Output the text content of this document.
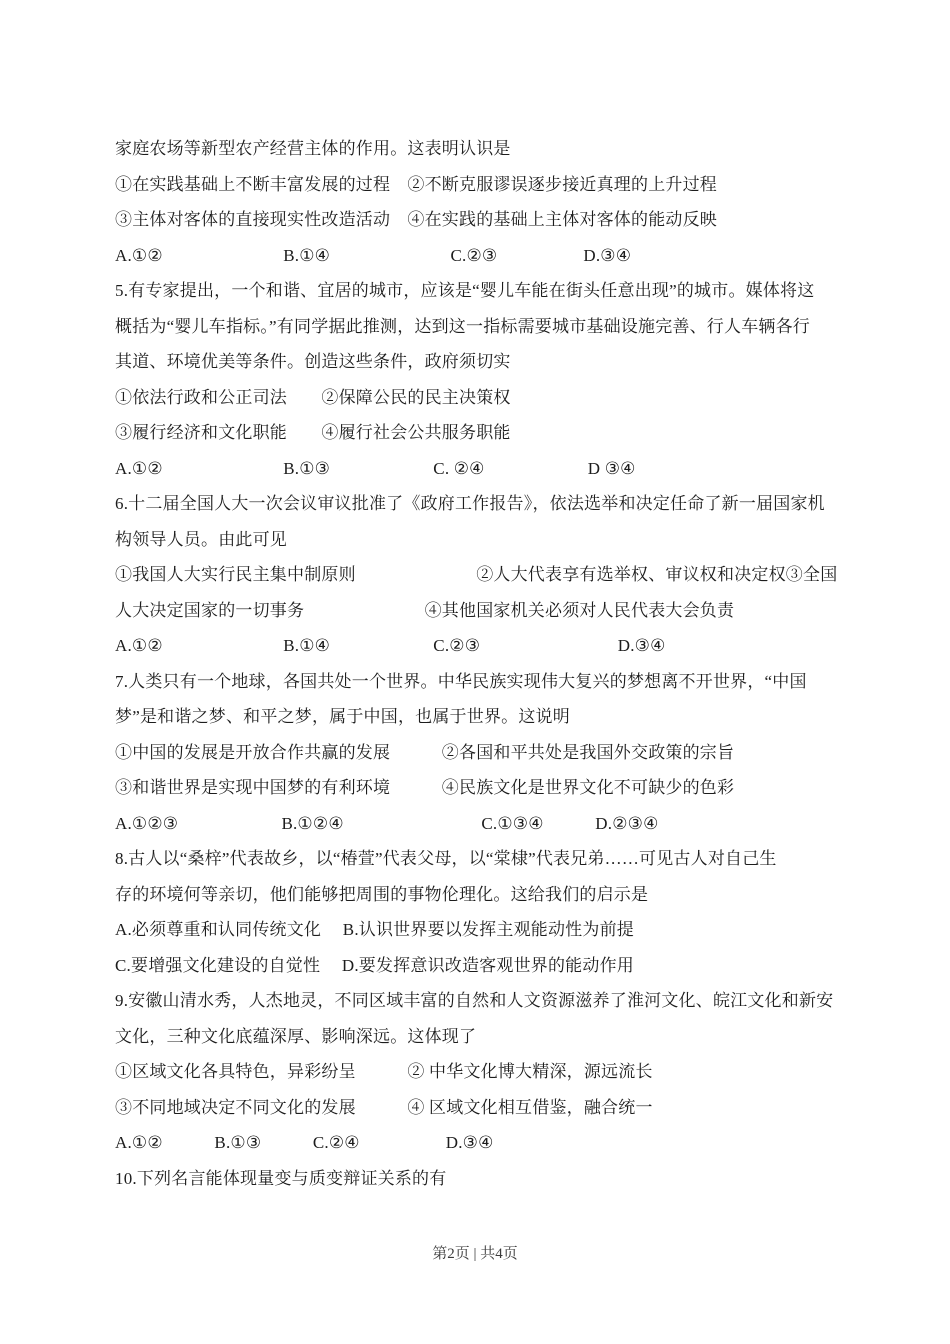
家庭农场等新型农产经营主体的作用。这表明认识是
①在实践基础上不断丰富发展的过程　②不断克服谬误逐步接近真理的上升过程
③主体对客体的直接现实性改造活动　④在实践的基础上主体对客体的能动反映
A.①②　　　　　　　B.①④　　　　　　　C.②③　　　　　D.③④
5.有专家提出，一个和谐、宜居的城市，应该是“婴儿车能在街头任意出现”的城市。媒体将这
概括为“婴儿车指标。”有同学据此推测，达到这一指标需要城市基础设施完善、行人车辆各行
其道、环境优美等条件。创造这些条件，政府须切实
①依法行政和公正司法　　②保障公民的民主决策权
③履行经济和文化职能　　④履行社会公共服务职能
A.①②　　　　　　　B.①③　　　　　　C. ②④　　　　　　D ③④
6.十二届全国人大一次会议审议批准了《政府工作报告》，依法选举和决定任命了新一届国家机
构领导人员。由此可见
①我国人大实行民主集中制原则　　　　　　　②人大代表享有选举权、审议权和决定权③全国
人大决定国家的一切事务　　　　　　　④其他国家机关必须对人民代表大会负责
A.①②　　　　　　　B.①④　　　　　　C.②③　　　　　　　　D.③④
7.人类只有一个地球，各国共处一个世界。中华民族实现伟大复兴的梦想离不开世界，“中国
梦”是和谐之梦、和平之梦，属于中国，也属于世界。这说明
①中国的发展是开放合作共赢的发展　　　②各国和平共处是我国外交政策的宗旨
③和谐世界是实现中国梦的有利环境　　　④民族文化是世界文化不可缺少的色彩
A.①②③　　　　　　B.①②④　　　　　　　　C.①③④　　　D.②③④
8.古人以“桑梓”代表故乡，以“椿萱”代表父母，以“棠棣”代表兄弟……可见古人对自己生
存的环境何等亲切，他们能够把周围的事物伦理化。这给我们的启示是
A.必须尊重和认同传统文化　 B.认识世界要以发挥主观能动性为前提
C.要增强文化建设的自觉性　 D.要发挥意识改造客观世界的能动作用
9.安徽山清水秀，人杰地灵，不同区域丰富的自然和人文资源滋养了淮河文化、皖江文化和新安
文化，三种文化底蕴深厚、影响深远。这体现了
①区域文化各具特色，异彩纷呈　　　② 中华文化博大精深，源远流长
③不同地域决定不同文化的发展　　　④ 区域文化相互借鉴，融合统一
A.①②　　　B.①③　　　C.②④　　　　　D.③④
10.下列名言能体现量变与质变辩证关系的有
第2页 | 共4页
